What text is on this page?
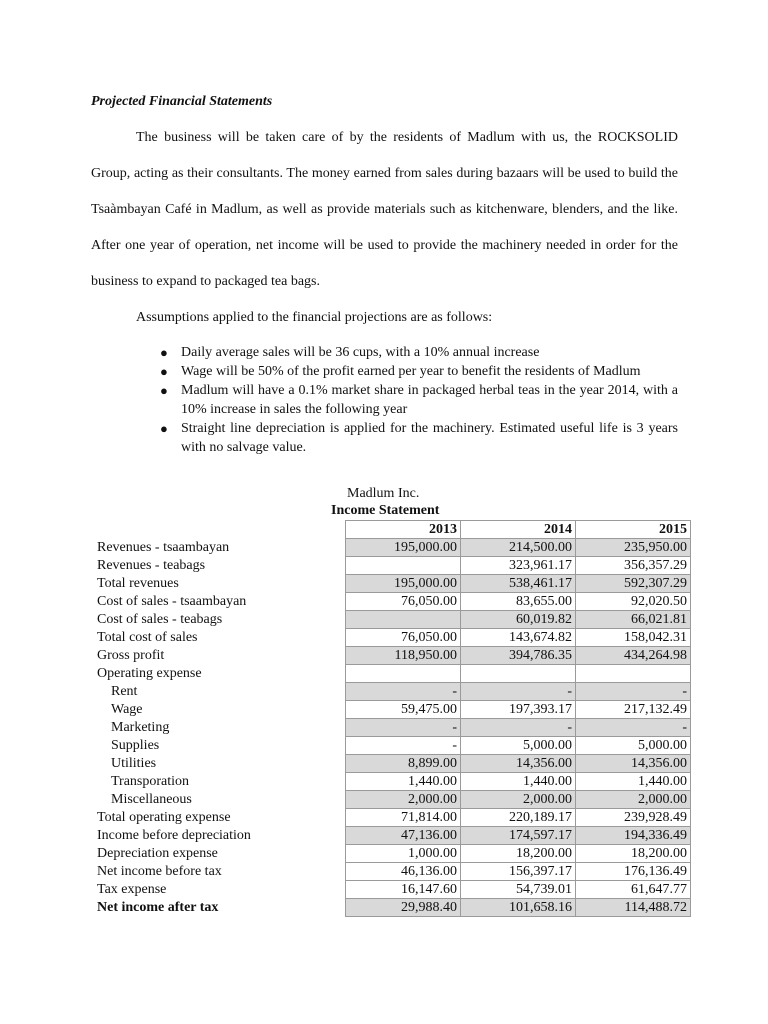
Projected Financial Statements
The business will be taken care of by the residents of Madlum with us, the ROCKSOLID Group, acting as their consultants. The money earned from sales during bazaars will be used to build the Tsaàmbayan Café in Madlum, as well as provide materials such as kitchenware, blenders, and the like. After one year of operation, net income will be used to provide the machinery needed in order for the business to expand to packaged tea bags.
Assumptions applied to the financial projections are as follows:
● Daily average sales will be 36 cups, with a 10% annual increase
● Wage will be 50% of the profit earned per year to benefit the residents of Madlum
● Madlum will have a 0.1% market share in packaged herbal teas in the year 2014, with a 10% increase in sales the following year
● Straight line depreciation is applied for the machinery. Estimated useful life is 3 years with no salvage value.
Madlum Inc.
Income Statement
	2013	2014	2015
Revenues - tsaambayan	195,000.00	214,500.00	235,950.00
Revenues - teabags		323,961.17	356,357.29
Total revenues	195,000.00	538,461.17	592,307.29
Cost of sales - tsaambayan	76,050.00	83,655.00	92,020.50
Cost of sales - teabags		60,019.82	66,021.81
Total cost of sales	76,050.00	143,674.82	158,042.31
Gross profit	118,950.00	394,786.35	434,264.98
Operating expense			
Rent	-	-	-
Wage	59,475.00	197,393.17	217,132.49
Marketing	-	-	-
Supplies	-	5,000.00	5,000.00
Utilities	8,899.00	14,356.00	14,356.00
Transporation	1,440.00	1,440.00	1,440.00
Miscellaneous	2,000.00	2,000.00	2,000.00
Total operating expense	71,814.00	220,189.17	239,928.49
Income before depreciation	47,136.00	174,597.17	194,336.49
Depreciation expense	1,000.00	18,200.00	18,200.00
Net income before tax	46,136.00	156,397.17	176,136.49
Tax expense	16,147.60	54,739.01	61,647.77
Net income after tax	29,988.40	101,658.16	114,488.72
